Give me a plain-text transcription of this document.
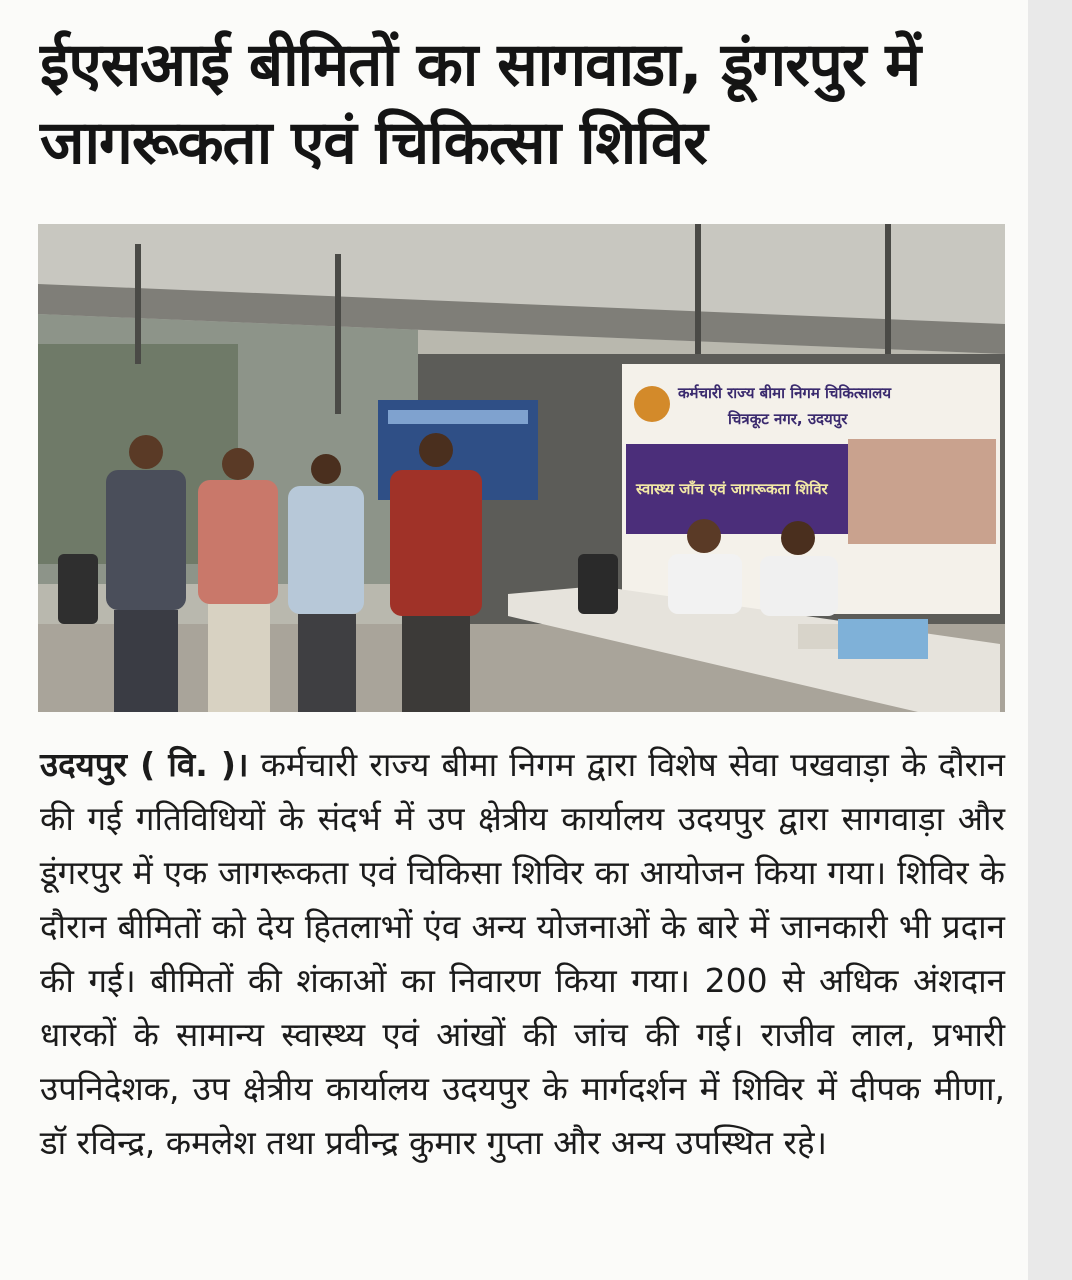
ईएसआई बीमितों का सागवाडा, डूंगरपुर में जागरूकता एवं चिकित्सा शिविर
कर्मचारी राज्य बीमा निगम चिकित्सालय
चित्रकूट नगर, उदयपुर
स्वास्थ्य जाँच एवं जागरूकता शिविर

उदयपुर ( वि. )। कर्मचारी राज्य बीमा निगम द्वारा विशेष सेवा पखवाड़ा के दौरान की गई गतिविधियों के संदर्भ में उप क्षेत्रीय कार्यालय उदयपुर द्वारा सागवाड़ा और डूंगरपुर में एक जागरूकता एवं चिकिसा शिविर का आयोजन किया गया। शिविर के दौरान बीमितों को देय हितलाभों एंव अन्य योजनाओं के बारे में जानकारी भी प्रदान की गई। बीमितों की शंकाओं का निवारण किया गया। 200 से अधिक अंशदान धारकों के सामान्य स्वास्थ्य एवं आंखों की जांच की गई। राजीव लाल, प्रभारी उपनिदेशक, उप क्षेत्रीय कार्यालय उदयपुर के मार्गदर्शन में शिविर में दीपक मीणा, डॉ रविन्द्र, कमलेश तथा प्रवीन्द्र कुमार गुप्ता और अन्य उपस्थित रहे।
